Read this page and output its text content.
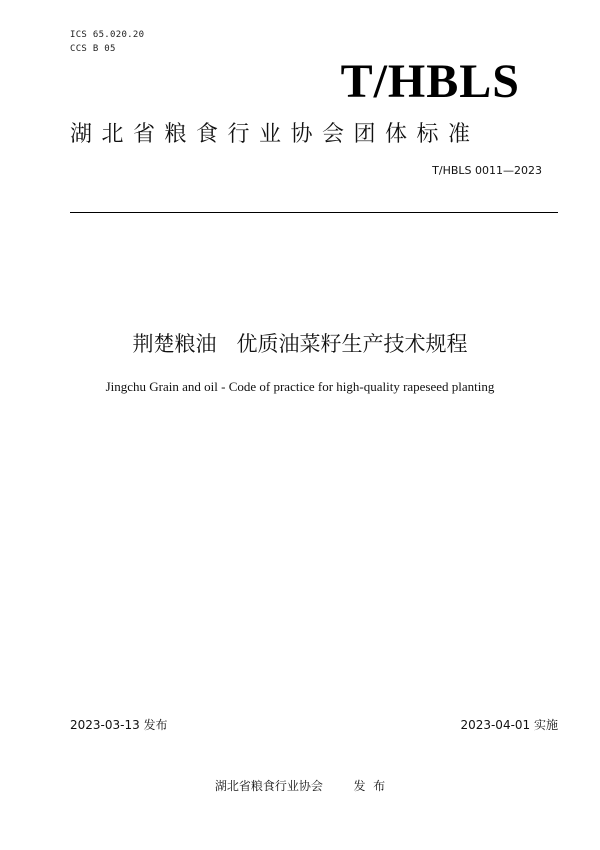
ICS 65.020.20
CCS B 05
T/HBLS
湖北省粮食行业协会团体标准
T/HBLS 0011—2023
荆楚粮油   优质油菜籽生产技术规程
Jingchu Grain and oil - Code of practice for high-quality rapeseed planting
2023-03-13 发布	2023-04-01 实施
湖北省粮食行业协会        发  布
